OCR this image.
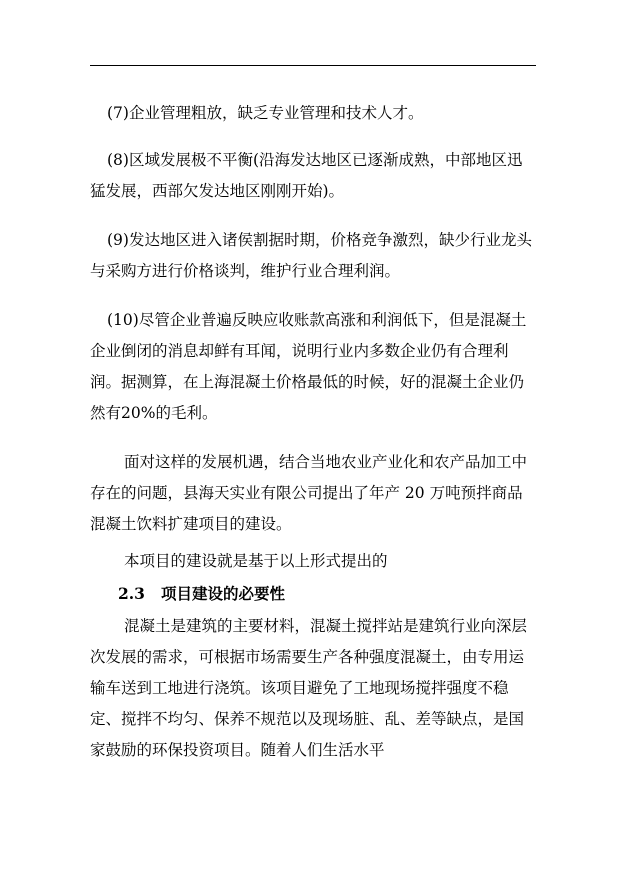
(7)企业管理粗放，缺乏专业管理和技术人才。

(8)区域发展极不平衡(沿海发达地区已逐渐成熟，中部地区迅猛发展，西部欠发达地区刚刚开始)。

(9)发达地区进入诸侯割据时期，价格竞争激烈，缺少行业龙头与采购方进行价格谈判，维护行业合理利润。

(10)尽管企业普遍反映应收账款高涨和利润低下，但是混凝土企业倒闭的消息却鲜有耳闻，说明行业内多数企业仍有合理利润。据测算，在上海混凝土价格最低的时候，好的混凝土企业仍然有20%的毛利。

面对这样的发展机遇，结合当地农业产业化和农产品加工中存在的问题，县海天实业有限公司提出了年产 20 万吨预拌商品混凝土饮料扩建项目的建设。

本项目的建设就是基于以上形式提出的

2.3 项目建设的必要性

混凝土是建筑的主要材料，混凝土搅拌站是建筑行业向深层次发展的需求，可根据市场需要生产各种强度混凝土，由专用运输车送到工地进行浇筑。该项目避免了工地现场搅拌强度不稳定、搅拌不均匀、保养不规范以及现场脏、乱、差等缺点，是国家鼓励的环保投资项目。随着人们生活水平
